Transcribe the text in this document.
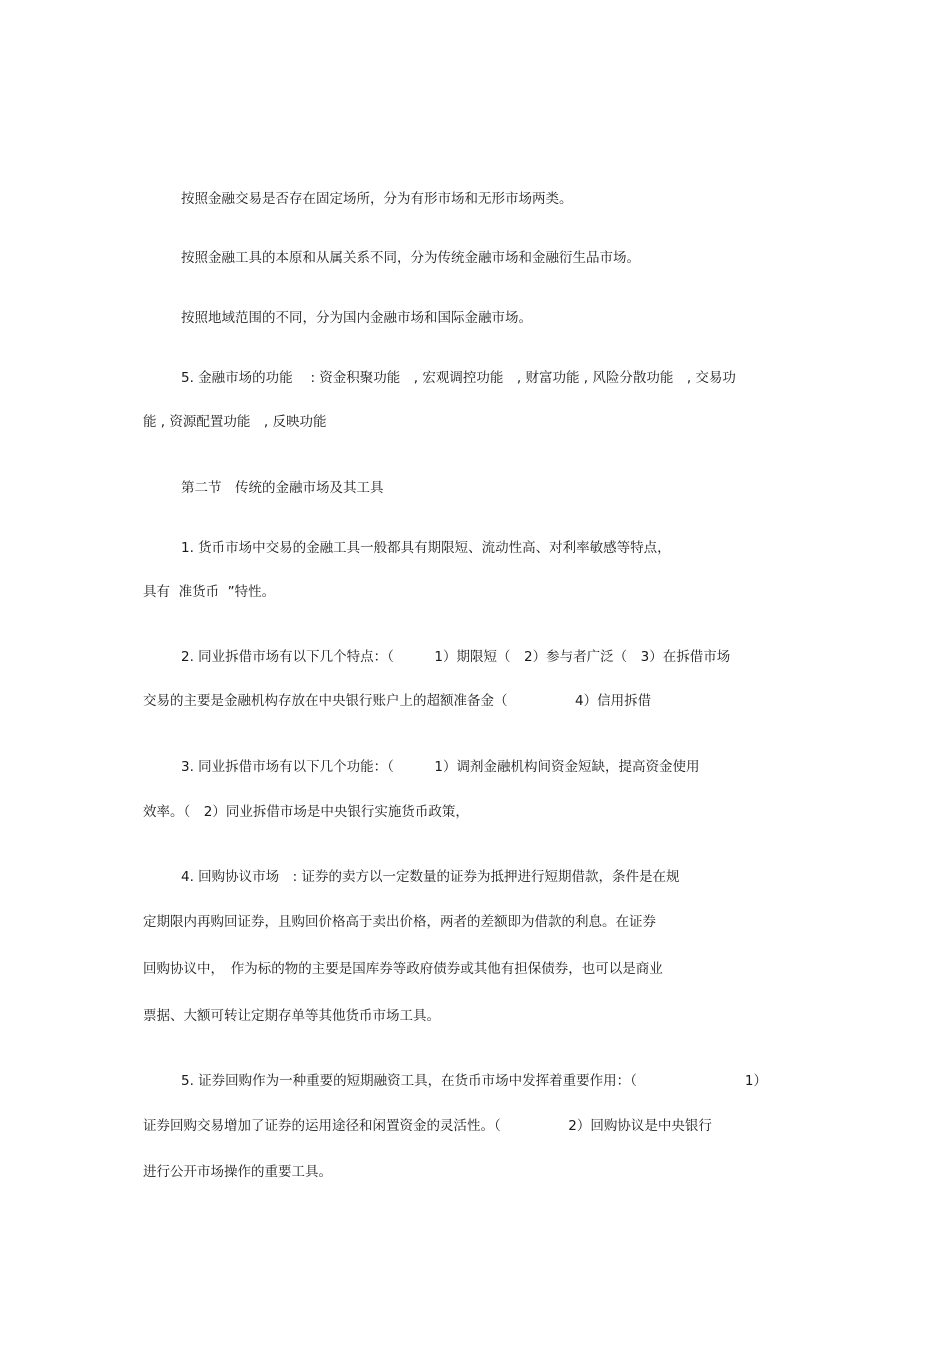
按照金融交易是否存在固定场所，分为有形市场和无形市场两类。

按照金融工具的本原和从属关系不同，分为传统金融市场和金融衍生品市场。

按照地域范围的不同，分为国内金融市场和国际金融市场。

5. 金融市场的功能　 : 资金积聚功能　, 宏观调控功能　, 财富功能 , 风险分散功能　, 交易功

能 , 资源配置功能　, 反映功能

第二节　传统的金融市场及其工具

1. 货币市场中交易的金融工具一般都具有期限短、流动性高、对利率敏感等特点，

具有  准货币  ”特性。

2. 同业拆借市场有以下几个特点：（　　　1）期限短（　2）参与者广泛（　3）在拆借市场

交易的主要是金融机构存放在中央银行账户上的超额准备金（　　　　　4）信用拆借

3. 同业拆借市场有以下几个功能：（　　　1）调剂金融机构间资金短缺，提高资金使用

效率。（　2）同业拆借市场是中央银行实施货币政策，

4. 回购协议市场　: 证券的卖方以一定数量的证券为抵押进行短期借款，条件是在规

定期限内再购回证券，且购回价格高于卖出价格，两者的差额即为借款的利息。在证券

回购协议中，　作为标的物的主要是国库券等政府债券或其他有担保债券，也可以是商业

票据、大额可转让定期存单等其他货币市场工具。

5. 证券回购作为一种重要的短期融资工具，在货币市场中发挥着重要作用：（　　　　　　　　1）

证券回购交易增加了证券的运用途径和闲置资金的灵活性。（　　　　　2）回购协议是中央银行

进行公开市场操作的重要工具。
